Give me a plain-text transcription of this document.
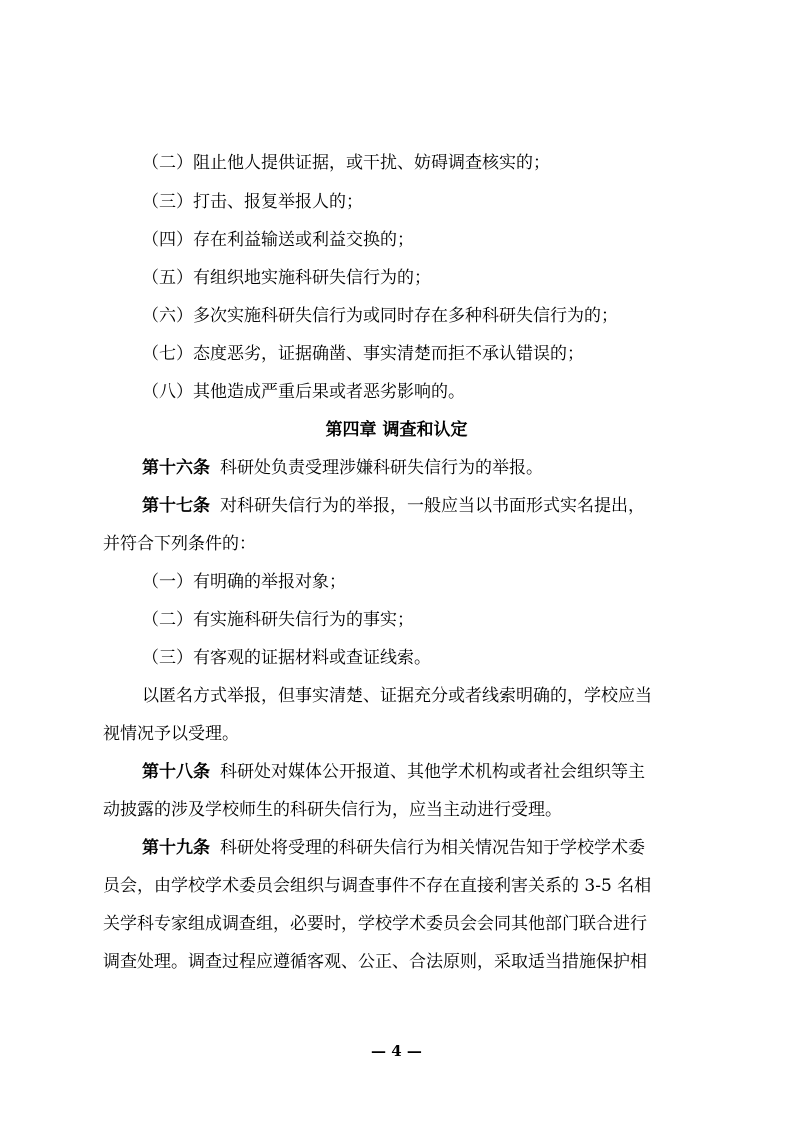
（二）阻止他人提供证据，或干扰、妨碍调查核实的；
（三）打击、报复举报人的；
（四）存在利益输送或利益交换的；
（五）有组织地实施科研失信行为的；
（六）多次实施科研失信行为或同时存在多种科研失信行为的；
（七）态度恶劣，证据确凿、事实清楚而拒不承认错误的；
（八）其他造成严重后果或者恶劣影响的。
第四章 调查和认定
第十六条 科研处负责受理涉嫌科研失信行为的举报。
第十七条 对科研失信行为的举报，一般应当以书面形式实名提出，
并符合下列条件的：
（一）有明确的举报对象；
（二）有实施科研失信行为的事实；
（三）有客观的证据材料或查证线索。
以匿名方式举报，但事实清楚、证据充分或者线索明确的，学校应当
视情况予以受理。
第十八条 科研处对媒体公开报道、其他学术机构或者社会组织等主
动披露的涉及学校师生的科研失信行为，应当主动进行受理。
第十九条 科研处将受理的科研失信行为相关情况告知于学校学术委
员会，由学校学术委员会组织与调查事件不存在直接利害关系的 3-5 名相
关学科专家组成调查组，必要时，学校学术委员会会同其他部门联合进行
调查处理。调查过程应遵循客观、公正、合法原则，采取适当措施保护相
— 4 —
